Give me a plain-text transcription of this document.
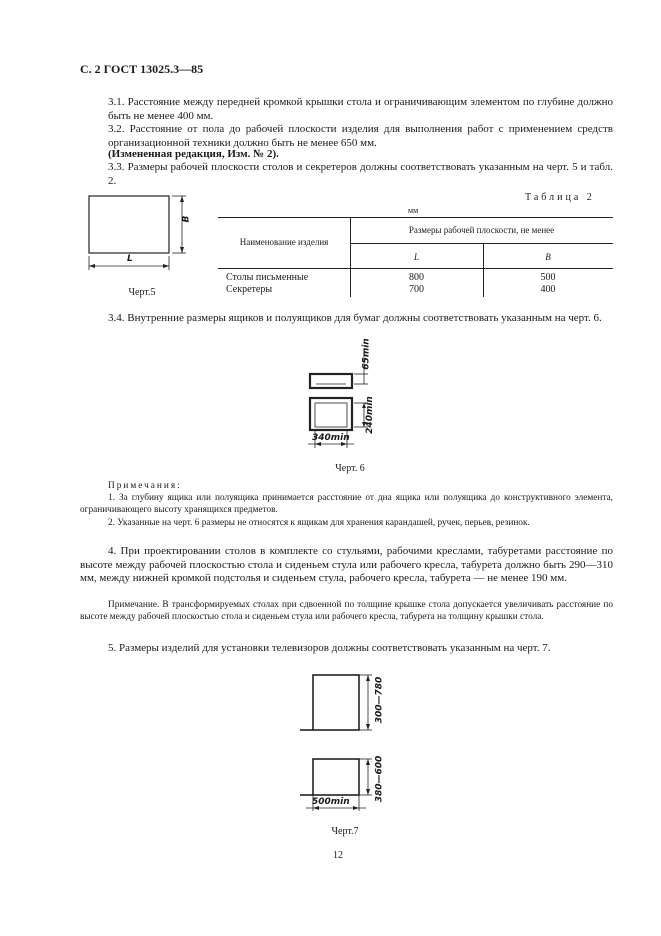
С. 2 ГОСТ 13025.3—85
3.1. Расстояние между передней кромкой крышки стола и ограничивающим элементом по глубине должно быть не менее 400 мм.
3.2. Расстояние от пола до рабочей плоскости изделия для выполнения работ с применением средств организационной техники должно быть не менее 650 мм.
(Измененная редакция, Изм. № 2).
3.3. Размеры рабочей плоскости столов и секретеров должны соответствовать указанным на черт. 5 и табл. 2.
B
L
Черт.5
Таблица 2
мм
Наименование изделия
Размеры рабочей плоскости, не менее
L	B
Столы письменные	800	500
Секретеры	700	400
3.4. Внутренние размеры ящиков и полуящиков для бумаг должны соответствовать указанным на черт. 6.
65min
240min
340min
Черт. 6
Примечания:
1. За глубину ящика или полуящика принимается расстояние от дна ящика или полуящика до конструктивного элемента, ограничивающего высоту хранящихся предметов.
2. Указанные на черт. 6 размеры не относятся к ящикам для хранения карандашей, ручек, перьев, резинок.
4. При проектировании столов в комплекте со стульями, рабочими креслами, табуретами расстояние по высоте между рабочей плоскостью стола и сиденьем стула или рабочего кресла, табурета должно быть 290—310 мм, между нижней кромкой подстолья и сиденьем стула, рабочего кресла, табурета — не менее 190 мм.
Примечание. В трансформируемых столах при сдвоенной по толщине крышке стола допускается увеличивать расстояние по высоте между рабочей плоскостью стола и сиденьем стула или рабочего кресла, табурета на толщину крышки стола.
5. Размеры изделий для установки телевизоров должны соответствовать указанным на черт. 7.
300—780
380—600
500min
Черт.7
12
